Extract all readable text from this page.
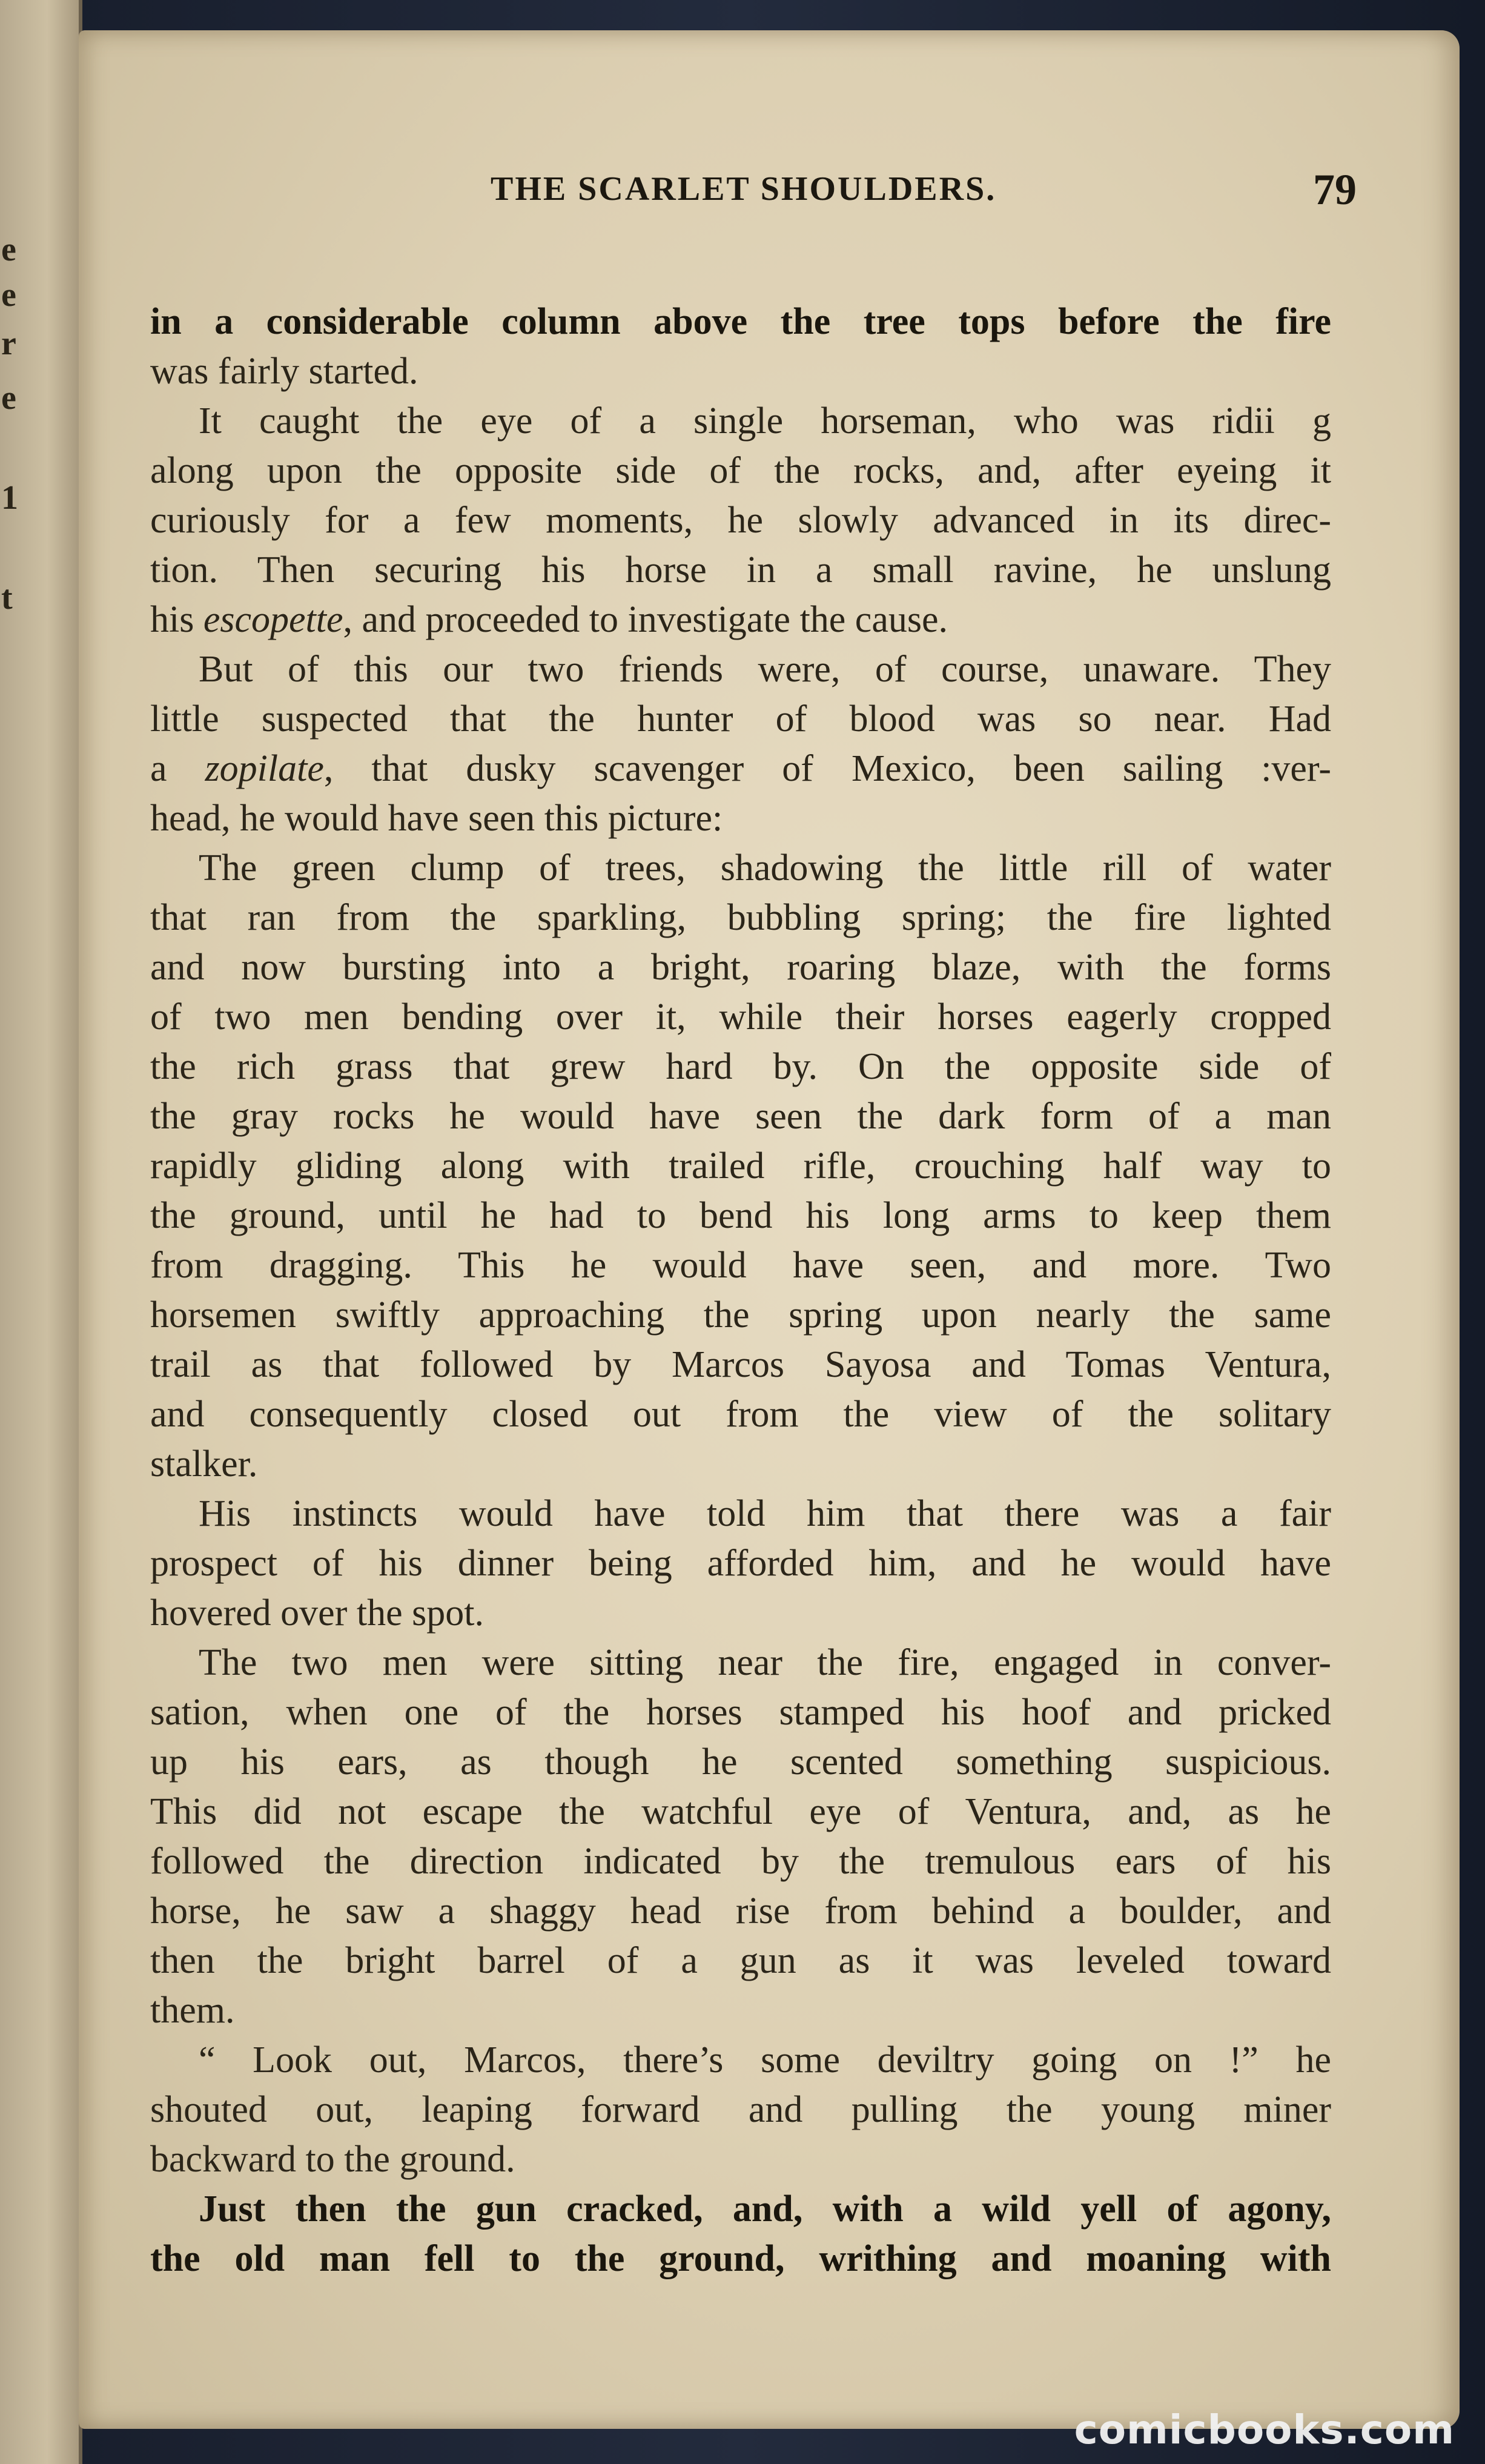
e
e
r
e
1
t
THE SCARLET SHOULDERS.	79
in a considerable column above the tree tops before the fire
was fairly started.
It caught the eye of a single horseman, who was ridii g
along upon the opposite side of the rocks, and, after eyeing it
curiously for a few moments, he slowly advanced in its direc-
tion. Then securing his horse in a small ravine, he unslung
his escopette, and proceeded to investigate the cause.
But of this our two friends were, of course, unaware. They
little suspected that the hunter of blood was so near. Had
a zopilate, that dusky scavenger of Mexico, been sailing :ver-
head, he would have seen this picture:
The green clump of trees, shadowing the little rill of water
that ran from the sparkling, bubbling spring; the fire lighted
and now bursting into a bright, roaring blaze, with the forms
of two men bending over it, while their horses eagerly cropped
the rich grass that grew hard by. On the opposite side of
the gray rocks he would have seen the dark form of a man
rapidly gliding along with trailed rifle, crouching half way to
the ground, until he had to bend his long arms to keep them
from dragging. This he would have seen, and more. Two
horsemen swiftly approaching the spring upon nearly the same
trail as that followed by Marcos Sayosa and Tomas Ventura,
and consequently closed out from the view of the solitary
stalker.
His instincts would have told him that there was a fair
prospect of his dinner being afforded him, and he would have
hovered over the spot.
The two men were sitting near the fire, engaged in conver-
sation, when one of the horses stamped his hoof and pricked
up his ears, as though he scented something suspicious.
This did not escape the watchful eye of Ventura, and, as he
followed the direction indicated by the tremulous ears of his
horse, he saw a shaggy head rise from behind a boulder, and
then the bright barrel of a gun as it was leveled toward
them.
“ Look out, Marcos, there’s some deviltry going on !” he
shouted out, leaping forward and pulling the young miner
backward to the ground.
Just then the gun cracked, and, with a wild yell of agony,
the old man fell to the ground, writhing and moaning with
comicbooks.com
